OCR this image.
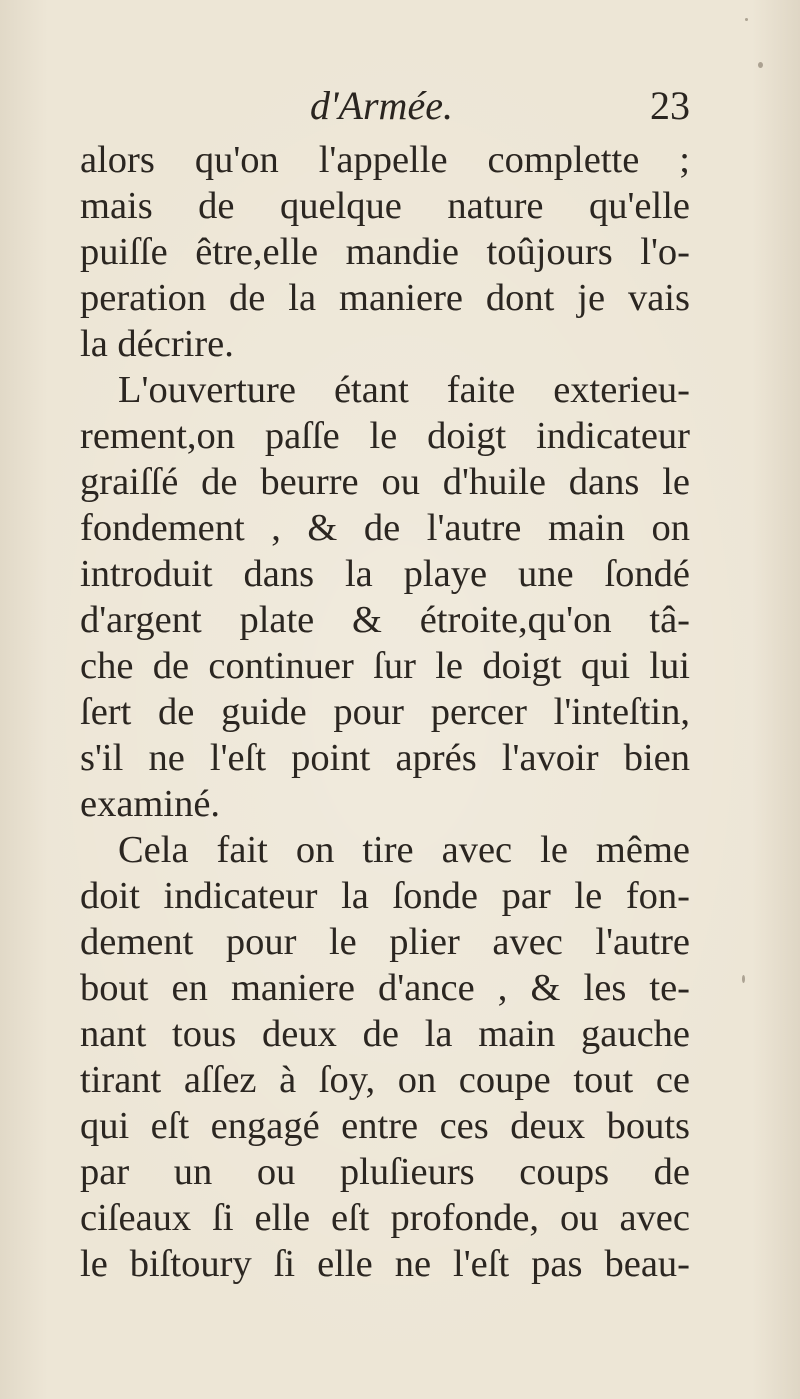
d'Armée.	23
alors qu'on l'appelle complette ;
mais de quelque nature qu'elle
puiſſe être,elle mandie toûjours l'o-
peration de la maniere dont je vais
la décrire.
L'ouverture étant faite exterieu-
rement,on paſſe le doigt indicateur
graiſſé de beurre ou d'huile dans le
fondement , & de l'autre main on
introduit dans la playe une ſondé
d'argent plate & étroite,qu'on tâ-
che de continuer ſur le doigt qui lui
ſert de guide pour percer l'inteſtin,
s'il ne l'eſt point aprés l'avoir bien
examiné.
Cela fait on tire avec le même
doit indicateur la ſonde par le fon-
dement pour le plier avec l'autre
bout en maniere d'ance , & les te-
nant tous deux de la main gauche
tirant aſſez à ſoy, on coupe tout ce
qui eſt engagé entre ces deux bouts
par un ou pluſieurs coups de
ciſeaux ſi elle eſt profonde, ou avec
le biſtoury ſi elle ne l'eſt pas beau-
